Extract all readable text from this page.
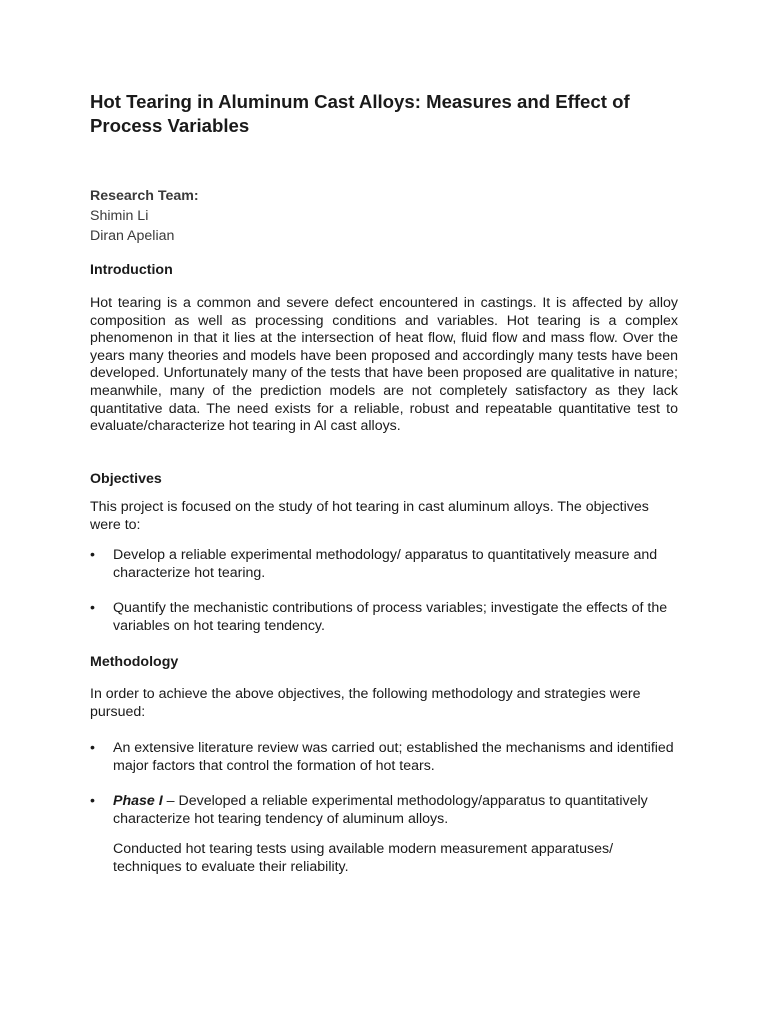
Hot Tearing in Aluminum Cast Alloys: Measures and Effect of Process Variables
Research Team:
Shimin Li
Diran Apelian
Introduction

Hot tearing is a common and severe defect encountered in castings. It is affected by alloy composition as well as processing conditions and variables. Hot tearing is a complex phenomenon in that it lies at the intersection of heat flow, fluid flow and mass flow. Over the years many theories and models have been proposed and accordingly many tests have been developed. Unfortunately many of the tests that have been proposed are qualitative in nature; meanwhile, many of the prediction models are not completely satisfactory as they lack quantitative data. The need exists for a reliable, robust and repeatable quantitative test to evaluate/characterize hot tearing in Al cast alloys.

Objectives

This project is focused on the study of hot tearing in cast aluminum alloys. The objectives were to:

•	Develop a reliable experimental methodology/ apparatus to quantitatively measure and characterize hot tearing.
•	Quantify the mechanistic contributions of process variables; investigate the effects of the variables on hot tearing tendency.
Methodology

In order to achieve the above objectives, the following methodology and strategies were pursued:

•	An extensive literature review was carried out; established the mechanisms and identified major factors that control the formation of hot tears.
•	Phase I – Developed a reliable experimental methodology/apparatus to quantitatively characterize hot tearing tendency of aluminum alloys.
Conducted hot tearing tests using available modern measurement apparatuses/ techniques to evaluate their reliability.
